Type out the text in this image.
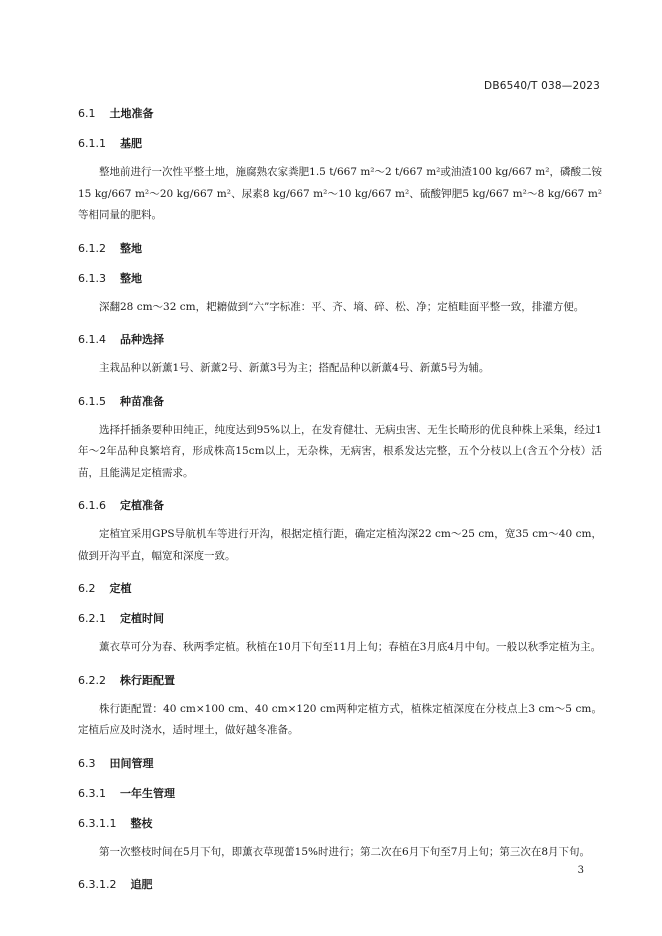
DB6540/T 038—2023
6.1 土地准备
6.1.1 基肥
整地前进行一次性平整土地，施腐熟农家粪肥1.5 t/667 m²～2 t/667 m²或油渣100 kg/667 m²，磷酸二铵15 kg/667 m²～20 kg/667 m²、尿素8 kg/667 m²～10 kg/667 m²、硫酸钾肥5 kg/667 m²～8 kg/667 m²等相同量的肥料。
6.1.2 整地
6.1.3 整地
深翻28 cm～32 cm，耙耱做到“六”字标准：平、齐、墒、碎、松、净；定植畦面平整一致，排灌方便。
6.1.4 品种选择
主栽品种以新薰1号、新薰2号、新薰3号为主；搭配品种以新薰4号、新薰5号为辅。
6.1.5 种苗准备
选择扦插条要种田纯正，纯度达到95%以上，在发育健壮、无病虫害、无生长畸形的优良种株上采集，经过1年～2年品种良繁培育，形成株高15cm以上，无杂株，无病害，根系发达完整，五个分枝以上(含五个分枝）活苗，且能满足定植需求。
6.1.6 定植准备
定植宜采用GPS导航机车等进行开沟，根据定植行距，确定定植沟深22 cm～25 cm，宽35 cm～40 cm，做到开沟平直，幅宽和深度一致。
6.2 定植
6.2.1 定植时间
薰衣草可分为春、秋两季定植。秋植在10月下旬至11月上旬；春植在3月底4月中旬。一般以秋季定植为主。
6.2.2 株行距配置
株行距配置：40 cm×100 cm、40 cm×120 cm两种定植方式，植株定植深度在分枝点上3 cm～5 cm。定植后应及时浇水，适时埋土，做好越冬准备。
6.3 田间管理
6.3.1 一年生管理
6.3.1.1 整枝
第一次整枝时间在5月下旬，即薰衣草现蕾15%时进行；第二次在6月下旬至7月上旬；第三次在8月下旬。
6.3.1.2 追肥
3
